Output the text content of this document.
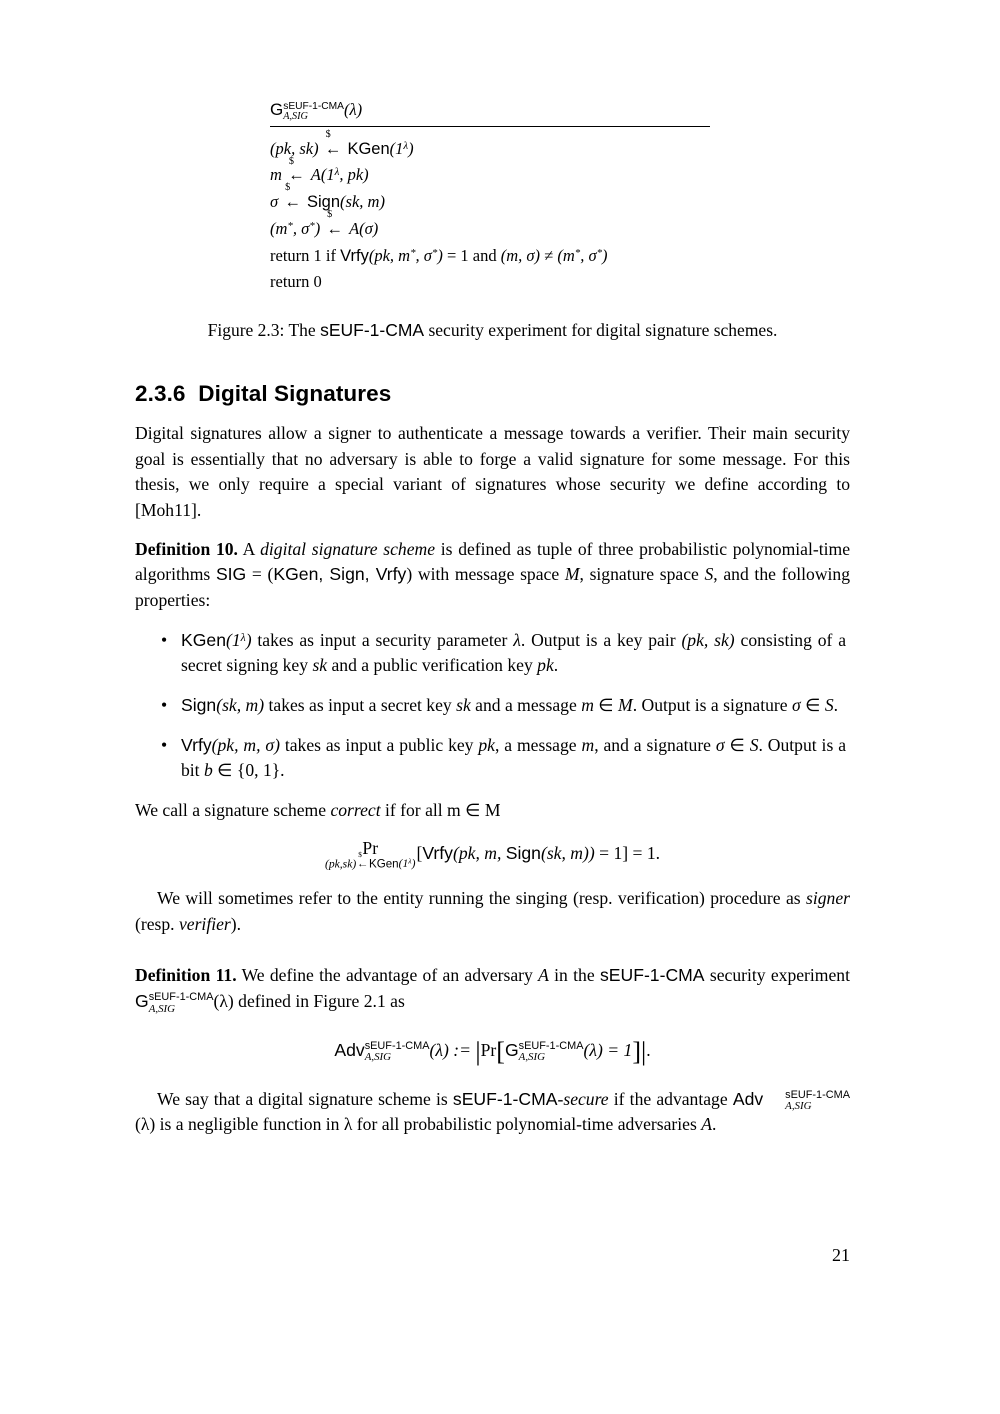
G sEUF-1-CMA
A,SIG	(λ)
(pk, sk) ←
$
$KGen(1^\lambda)$
m ←
$
$A(1^\lambda$, pk)
σ ←
$
Sign(sk, m)
(m*, σ*) ←
$
A(σ)
return 1 if Vrfy(pk, m*, σ*) = 1 and (m, σ) ≠ (m*, σ*)
return 0
Figure 2.3: The sEUF-1-CMA security experiment for digital signature schemes.
2.3.6 Digital Signatures

Digital signatures allow a signer to authenticate a message towards a verifier. Their main security goal is essentially that no adversary is able to forge a valid signature for some message. For this thesis, we only require a special variant of signatures whose security we define according to [Moh11].

Definition 10. A digital signature scheme is defined as tuple of three probabilistic polynomial-time algorithms SIG = (KGen, Sign, Vrfy) with message space M, signature space S, and the following properties:

• $KGen(1^\lambda)$ takes as input a security parameter λ. Output is a key pair (pk, sk) consisting of a secret signing key sk and a public verification key pk.
• Sign(sk, m) takes as input a secret key sk and a message m ∈ M. Output is a signature σ ∈ S.
• Vrfy(pk, m, σ) takes as input a public key pk, a message m, and a signature σ ∈ S. Output is a bit b ∈ {0, 1}.

We call a signature scheme correct if for all m ∈ M

Pr
(pk,sk)←
$
$KGen(1^\lambda)$
[Vrfy(pk, m, Sign(sk, m)) = 1] = 1.

We will sometimes refer to the entity running the singing (resp. verification) procedure as signer (resp. verifier).

Definition 11. We define the advantage of an adversary A in the sEUF-1-CMA security experiment G sEUF-1-CMA
A,SIG	(λ) defined in Figure 2.1 as

Adv sEUF-1-CMA
A,SIG	(λ) := |Pr[G sEUF-1-CMA
A,SIG	(λ) = 1]|.

We say that a digital signature scheme is sEUF-1-CMA-secure if the advantage Adv	sEUF-1-CMA
A,SIG
(λ) is a negligible function in λ for all probabilistic polynomial-time adversaries A.

21
